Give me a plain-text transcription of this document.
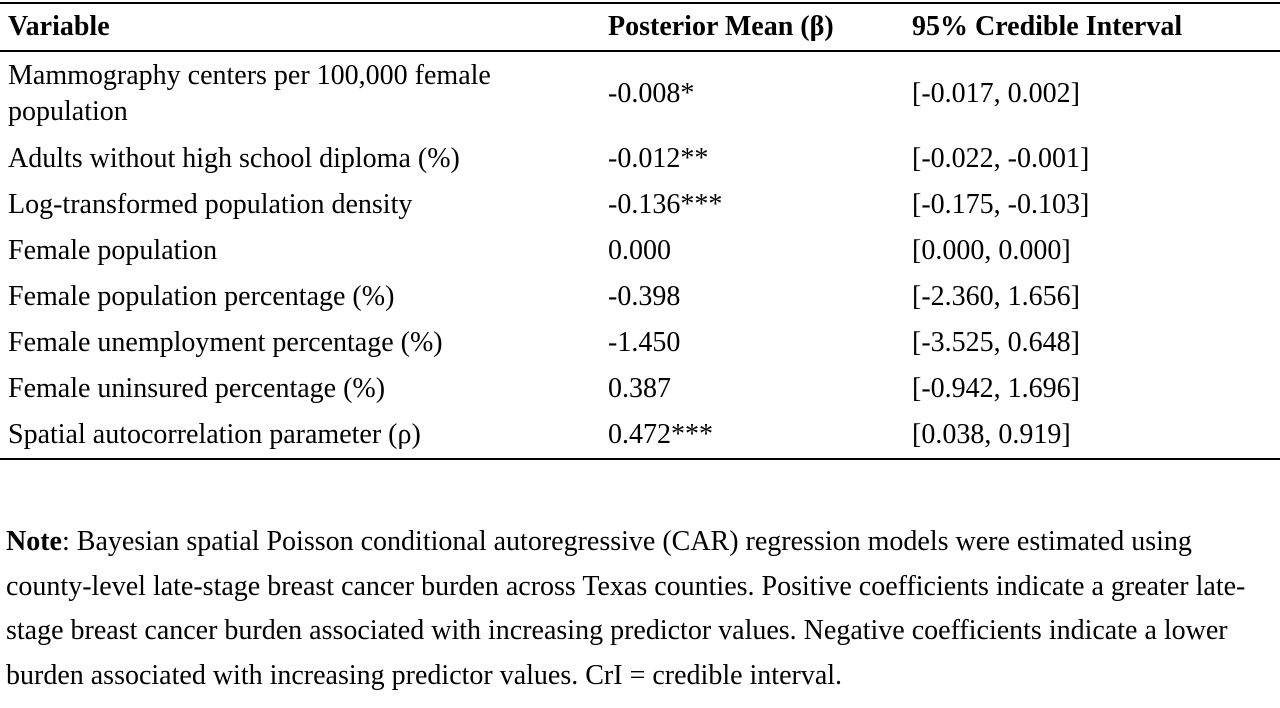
Variable	Posterior Mean (β)	95% Credible Interval
Mammography centers per 100,000 female population	-0.008*	[-0.017, 0.002]
Adults without high school diploma (%)	-0.012**	[-0.022, -0.001]
Log-transformed population density	-0.136***	[-0.175, -0.103]
Female population	0.000	[0.000, 0.000]
Female population percentage (%)	-0.398	[-2.360, 1.656]
Female unemployment percentage (%)	-1.450	[-3.525, 0.648]
Female uninsured percentage (%)	0.387	[-0.942, 1.696]
Spatial autocorrelation parameter (ρ)	0.472***	[0.038, 0.919]

Note: Bayesian spatial Poisson conditional autoregressive (CAR) regression models were estimated using county-level late-stage breast cancer burden across Texas counties. Positive coefficients indicate a greater late-stage breast cancer burden associated with increasing predictor values. Negative coefficients indicate a lower burden associated with increasing predictor values. CrI = credible interval.
